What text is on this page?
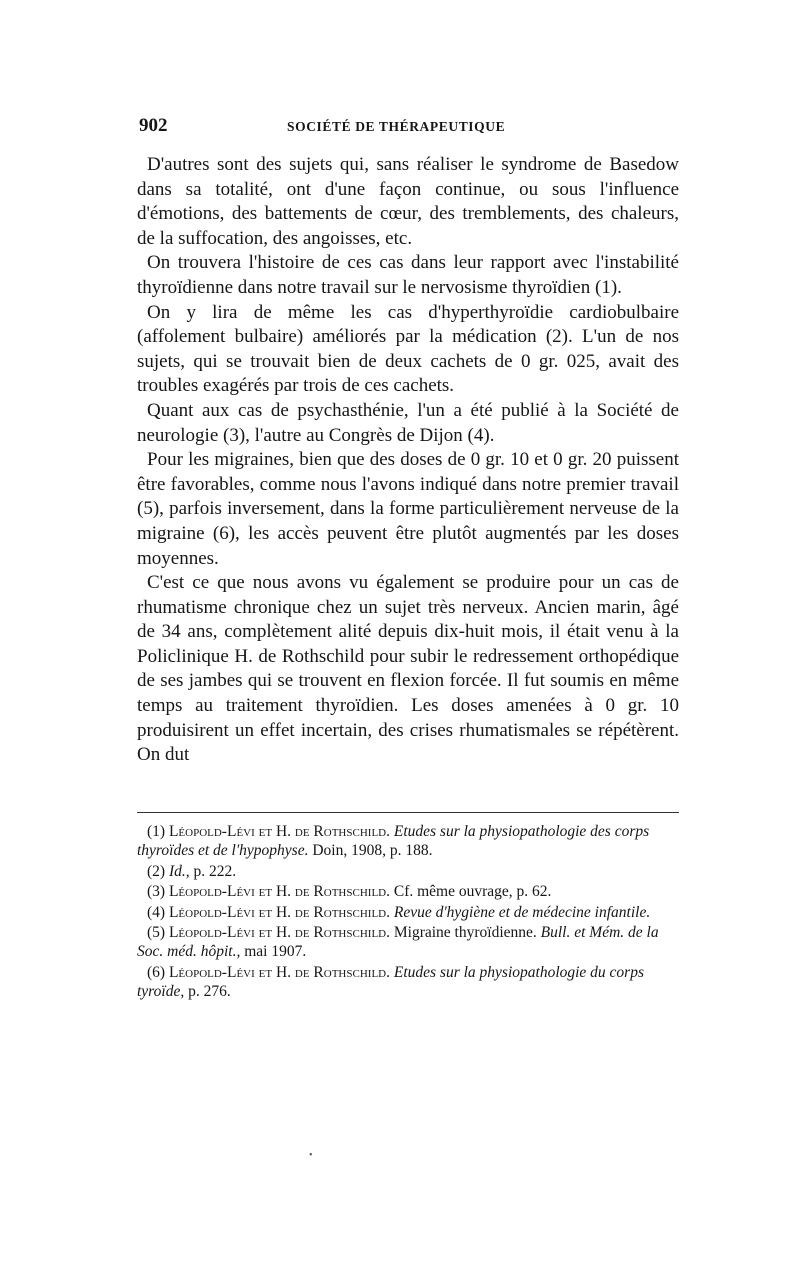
902	SOCIÉTÉ DE THÉRAPEUTIQUE

D'autres sont des sujets qui, sans réaliser le syndrome de Basedow dans sa totalité, ont d'une façon continue, ou sous l'influence d'émotions, des battements de cœur, des tremblements, des chaleurs, de la suffocation, des angoisses, etc.

On trouvera l'histoire de ces cas dans leur rapport avec l'instabilité thyroïdienne dans notre travail sur le nervosisme thyroïdien (1).

On y lira de même les cas d'hyperthyroïdie cardiobulbaire (affolement bulbaire) améliorés par la médication (2). L'un de nos sujets, qui se trouvait bien de deux cachets de 0 gr. 025, avait des troubles exagérés par trois de ces cachets.

Quant aux cas de psychasthénie, l'un a été publié à la Société de neurologie (3), l'autre au Congrès de Dijon (4).

Pour les migraines, bien que des doses de 0 gr. 10 et 0 gr. 20 puissent être favorables, comme nous l'avons indiqué dans notre premier travail (5), parfois inversement, dans la forme particulièrement nerveuse de la migraine (6), les accès peuvent être plutôt augmentés par les doses moyennes.

C'est ce que nous avons vu également se produire pour un cas de rhumatisme chronique chez un sujet très nerveux. Ancien marin, âgé de 34 ans, complètement alité depuis dix-huit mois, il était venu à la Policlinique H. de Rothschild pour subir le redressement orthopédique de ses jambes qui se trouvent en flexion forcée. Il fut soumis en même temps au traitement thyroïdien. Les doses amenées à 0 gr. 10 produisirent un effet incertain, des crises rhumatismales se répétèrent. On dut

(1) Léopold-Lévi et H. de Rothschild. Etudes sur la physiopathologie des corps thyroïdes et de l'hypophyse. Doin, 1908, p. 188.

(2) Id., p. 222.

(3) Léopold-Lévi et H. de Rothschild. Cf. même ouvrage, p. 62.

(4) Léopold-Lévi et H. de Rothschild. Revue d'hygiène et de médecine infantile.

(5) Léopold-Lévi et H. de Rothschild. Migraine thyroïdienne. Bull. et Mém. de la Soc. méd. hôpit., mai 1907.

(6) Léopold-Lévi et H. de Rothschild. Etudes sur la physiopathologie du corps tyroïde, p. 276.

•
